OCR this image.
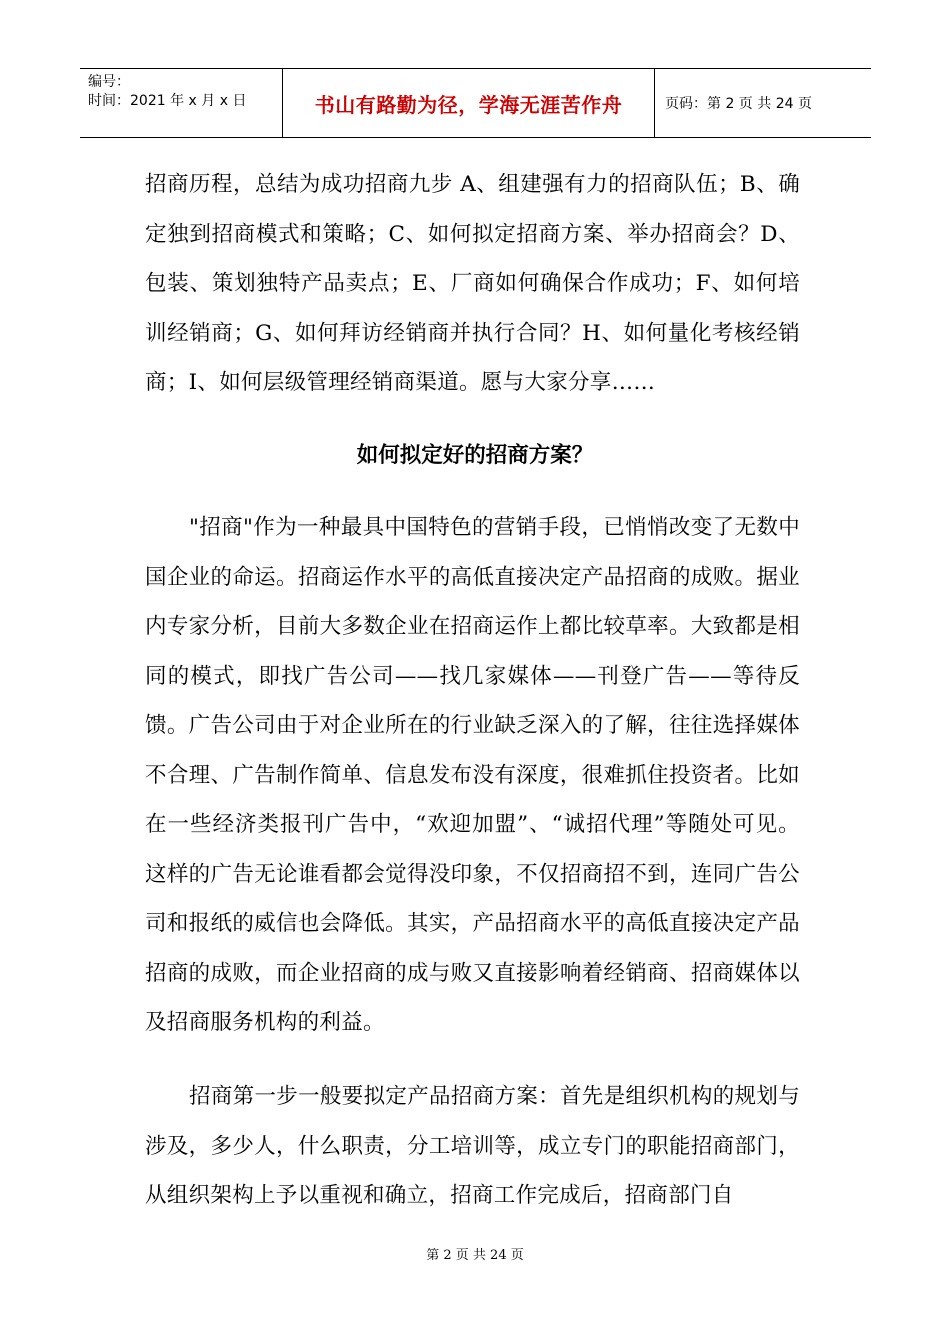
编号：
时间：2021 年 x 月 x 日	书山有路勤为径，学海无涯苦作舟	页码：第 2 页 共 24 页

招商历程，总结为成功招商九步 A、组建强有力的招商队伍；B、确定独到招商模式和策略；C、如何拟定招商方案、举办招商会？D、包装、策划独特产品卖点；E、厂商如何确保合作成功；F、如何培训经销商；G、如何拜访经销商并执行合同？H、如何量化考核经销商；I、如何层级管理经销商渠道。愿与大家分享……

如何拟定好的招商方案？

"招商"作为一种最具中国特色的营销手段，已悄悄改变了无数中国企业的命运。招商运作水平的高低直接决定产品招商的成败。据业内专家分析，目前大多数企业在招商运作上都比较草率。大致都是相同的模式，即找广告公司——找几家媒体——刊登广告——等待反馈。广告公司由于对企业所在的行业缺乏深入的了解，往往选择媒体不合理、广告制作简单、信息发布没有深度，很难抓住投资者。比如在一些经济类报刊广告中，“欢迎加盟”、“诚招代理”等随处可见。这样的广告无论谁看都会觉得没印象，不仅招商招不到，连同广告公司和报纸的威信也会降低。其实，产品招商水平的高低直接决定产品招商的成败，而企业招商的成与败又直接影响着经销商、招商媒体以及招商服务机构的利益。

招商第一步一般要拟定产品招商方案：首先是组织机构的规划与涉及，多少人，什么职责，分工培训等，成立专门的职能招商部门，从组织架构上予以重视和确立，招商工作完成后，招商部门自

第 2 页 共 24 页
